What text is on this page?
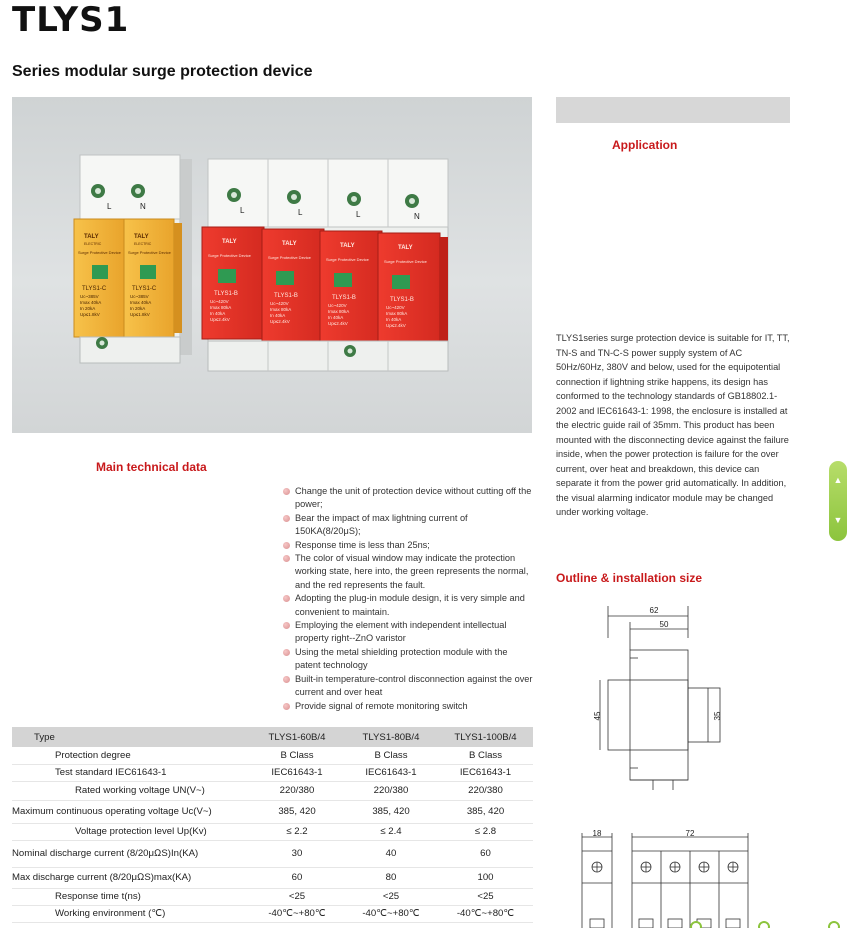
TLYS1
Series modular surge protection device
L	N
TALY	TALY
ELECTRIC	ELECTRIC
Surge Protective Device Surge Protective Device
TLYS1-C	TLYS1-C
Uc~385V
Imax 40kA
In 20kA
Up≤1.8kV
Uc~385V
Imax 40kA
In 20kA
Up≤1.8kV
L	L	L	N
TALY	TALY	TALY	TALY
Surge Protective Device	Surge Protective Device	Surge Protective Device	Surge Protective Device
TLYS1-B	TLYS1-B	TLYS1-B	TLYS1-B
Uc~420V
Imax 80kA
In 40kA
Up≤2.4kV
Uc~420V
Imax 80kA
In 40kA
Up≤2.4kV
Uc~420V
Imax 80kA
In 40kA
Up≤2.4kV
Uc~420V
Imax 80kA
In 40kA
Up≤2.4kV
Application

TLYS1series surge protection device is suitable for IT, TT, TN-S and TN-C-S power supply system of AC 50Hz/60Hz, 380V and below, used for the equipotential connection if lightning strike happens, its design has conformed to the technology standards of GB18802.1-2002 and IEC61643-1: 1998, the enclosure is installed at the electric guide rail of 35mm. This product has been mounted with the disconnecting device against the failure inside, when the power protection is failure for the over current, over heat and breakdown, this device can separate it from the power grid automatically. In addition, the visual alarming indicator module may be changed under working voltage.

Main technical data
Change the unit of protection device without cutting off the power;
Bear the impact of max lightning current of 150KA(8/20μS);
Response time is less than 25ns;
The color of visual window may indicate the protection working state, here into, the green represents the normal, and the red represents the fault.
Adopting the plug-in module design, it is very simple and convenient to maintain.
Employing the element with independent intellectual property right--ZnO varistor
Using the metal shielding protection module with the patent technology
Built-in temperature-control disconnection against the over current and over heat
Provide signal of remote monitoring switch
Outline & installation size
62
50
45	35
18	72
Type	TLYS1-60B/4	TLYS1-80B/4	TLYS1-100B/4
Protection degree	B Class	B Class	B Class
Test standard IEC61643-1	IEC61643-1	IEC61643-1	IEC61643-1
Rated working voltage UN(V~)	220/380	220/380	220/380
Maximum continuous operating voltage Uc(V~)	385, 420	385, 420	385, 420
Voltage protection level Up(Kv)	≤ 2.2	≤ 2.4	≤ 2.8
Nominal discharge current (8/20μΩS)In(KA)	30	40	60
Max discharge current (8/20μΩS)max(KA)	60	80	100
Response time t(ns)	<25	<25	<25
Working environment (℃)	-40℃~+80℃	-40℃~+80℃	-40℃~+80℃
▲
▼
